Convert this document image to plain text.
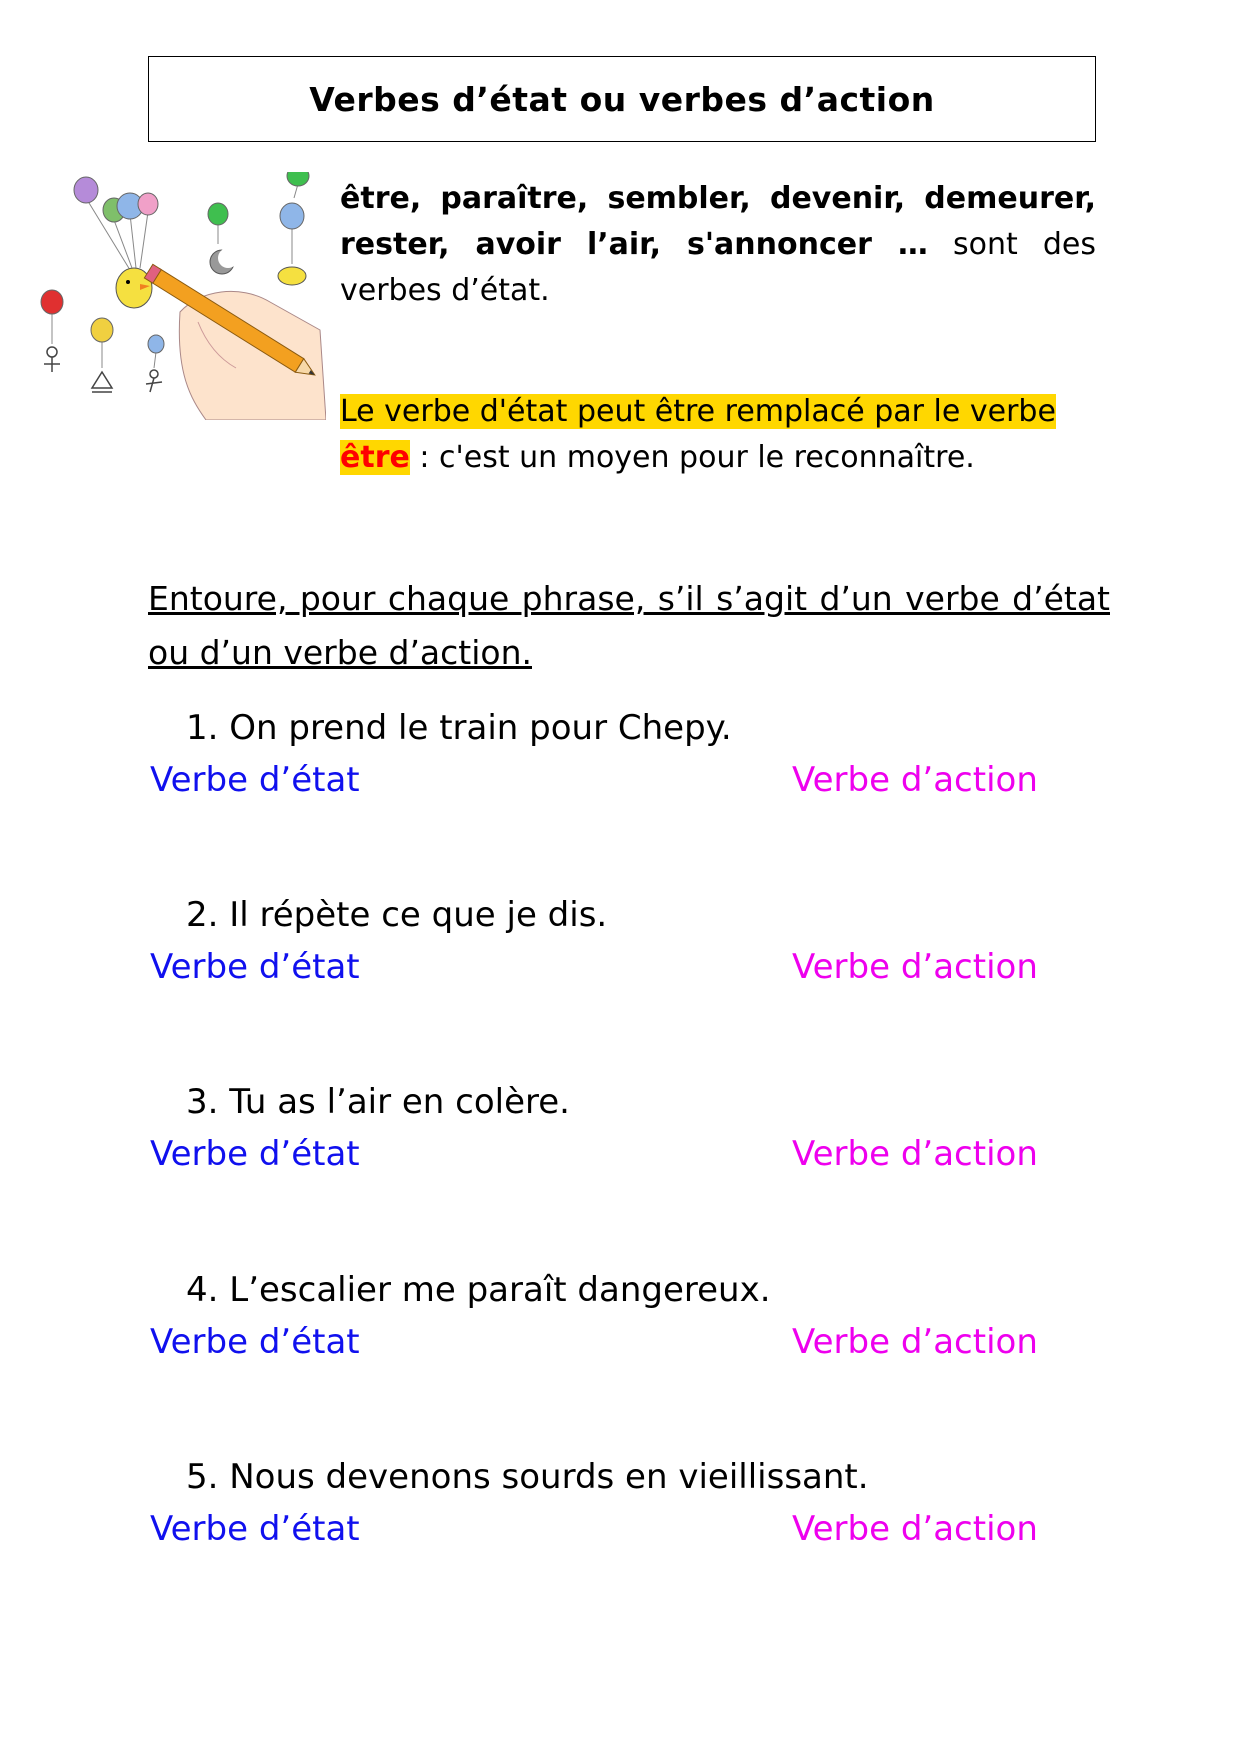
Verbes d’état ou verbes d’action
être, paraître, sembler, devenir, demeurer, rester, avoir l’air, s'annoncer … sont des verbes d’état.
Le verbe d'état peut être remplacé par le verbe
être : c'est un moyen pour le reconnaître.
Entoure, pour chaque phrase, s’il s’agit d’un verbe d’état ou d’un verbe d’action.
1. On prend le train pour Chepy.
Verbe d’état	Verbe d’action
2. Il répète ce que je dis.
Verbe d’état	Verbe d’action
3. Tu as l’air en colère.
Verbe d’état	Verbe d’action
4. L’escalier me paraît dangereux.
Verbe d’état	Verbe d’action
5. Nous devenons sourds en vieillissant.
Verbe d’état	Verbe d’action
